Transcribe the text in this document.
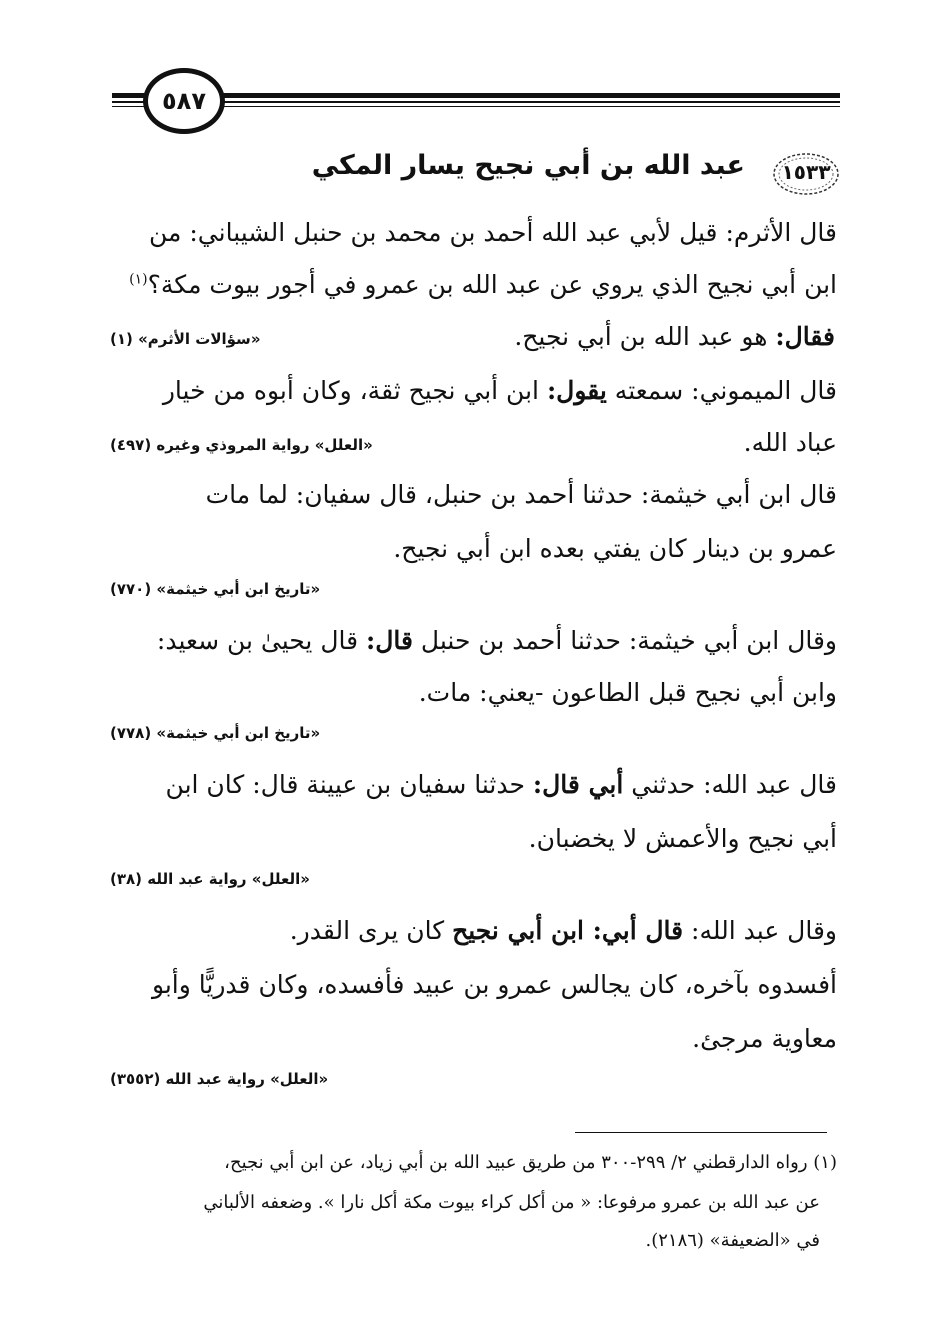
٥٨٧
١٥٣٣
عبد الله بن أبي نجيح يسار المكي
قال الأثرم: قيل لأبي عبد الله أحمد بن محمد بن حنبل الشيباني: من
ابن أبي نجيح الذي يروي عن عبد الله بن عمرو في أجور بيوت مكة؟$^{(١)}$
فقال: هو عبد الله بن أبي نجيح.
«سؤالات الأثرم» (١)
قال الميموني: سمعته يقول: ابن أبي نجيح ثقة، وكان أبوه من خيار
عباد الله.
«العلل» رواية المروذي وغيره (٤٩٧)
قال ابن أبي خيثمة: حدثنا أحمد بن حنبل، قال سفيان: لما مات
عمرو بن دينار كان يفتي بعده ابن أبي نجيح.
«تاريخ ابن أبي خيثمة» (٧٧٠)
وقال ابن أبي خيثمة: حدثنا أحمد بن حنبل قال: قال يحيىٰ بن سعيد:
وابن أبي نجيح قبل الطاعون -يعني: مات.
«تاريخ ابن أبي خيثمة» (٧٧٨)
قال عبد الله: حدثني أبي قال: حدثنا سفيان بن عيينة قال: كان ابن
أبي نجيح والأعمش لا يخضبان.
«العلل» رواية عبد الله (٣٨)
وقال عبد الله: قال أبي: ابن أبي نجيح كان يرى القدر.
أفسدوه بآخره، كان يجالس عمرو بن عبيد فأفسده، وكان قدريًّا وأبو
معاوية مرجئ.
«العلل» رواية عبد الله (٣٥٥٢)
(١) رواه الدارقطني ٢/ ٢٩٩-٣٠٠ من طريق عبيد الله بن أبي زياد، عن ابن أبي نجيح،
عن عبد الله بن عمرو مرفوعا: « من أكل كراء بيوت مكة أكل نارا ». وضعفه الألباني
في «الضعيفة» (٢١٨٦).
